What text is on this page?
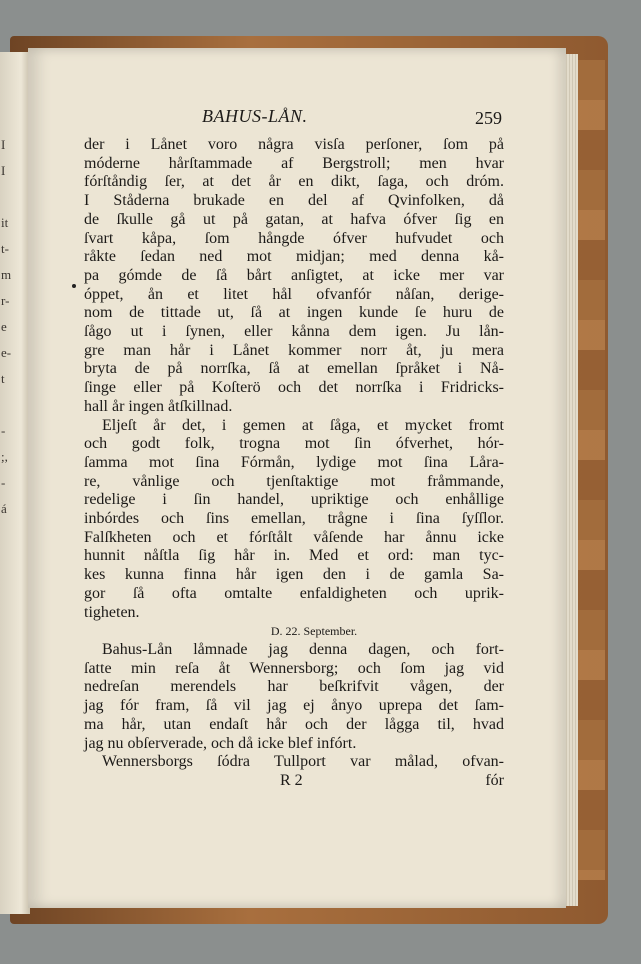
I
I

it
t-
m
r-
e
e-
t

-
;,
-
á
BAHUS-LÅN.	259
der i Lånet voro några visſa perſoner, ſom på
móderne hårſtammade af Bergstroll; men hvar
fórſtåndig ſer, at det år en dikt, ſaga, och dróm.
I Ståderna brukade en del af Qvinfolken, då
de ſkulle gå ut på gatan, at hafva ófver ſig en
ſvart kåpa, ſom hångde ófver hufvudet och
råkte ſedan ned mot midjan; med denna kå-
pa gómde de ſå bårt anſigtet, at icke mer var
óppet, ån et litet hål ofvanfór nåſan, derige-
nom de tittade ut, ſå at ingen kunde ſe huru de
ſågo ut i ſynen, eller kånna dem igen. Ju lån-
gre man hår i Lånet kommer norr åt, ju mera
bryta de på norrſka, ſå at emellan ſpråket i Nå-
ſinge eller på Koſterö och det norrſka i Fridricks-
hall år ingen åtſkillnad.
Eljeſt år det, i gemen at ſåga, et mycket fromt
och godt folk, trogna mot ſin ófverhet, hór-
ſamma mot ſina Fórmån, lydige mot ſina Låra-
re, vånlige och tjenſtaktige mot fråmmande,
redelige i ſin handel, upriktige och enhållige
inbórdes och ſins emellan, trågne i ſina ſyſſlor.
Falſkheten och et fórſtålt våſende har ånnu icke
hunnit nåſtla ſig hår in. Med et ord: man tyc-
kes kunna finna hår igen den i de gamla Sa-
gor ſå ofta omtalte enfaldigheten och uprik-
tigheten.
D. 22. September.
Bahus-Lån låmnade jag denna dagen, och fort-
ſatte min reſa åt Wennersborg; och ſom jag vid
nedreſan merendels har beſkrifvit vågen, der
jag fór fram, ſå vil jag ej ånyo uprepa det ſam-
ma hår, utan endaſt hår och der lågga til, hvad
jag nu obſerverade, och då icke blef infórt.
Wennersborgs ſódra Tullport var målad, ofvan-
R 2	fór
